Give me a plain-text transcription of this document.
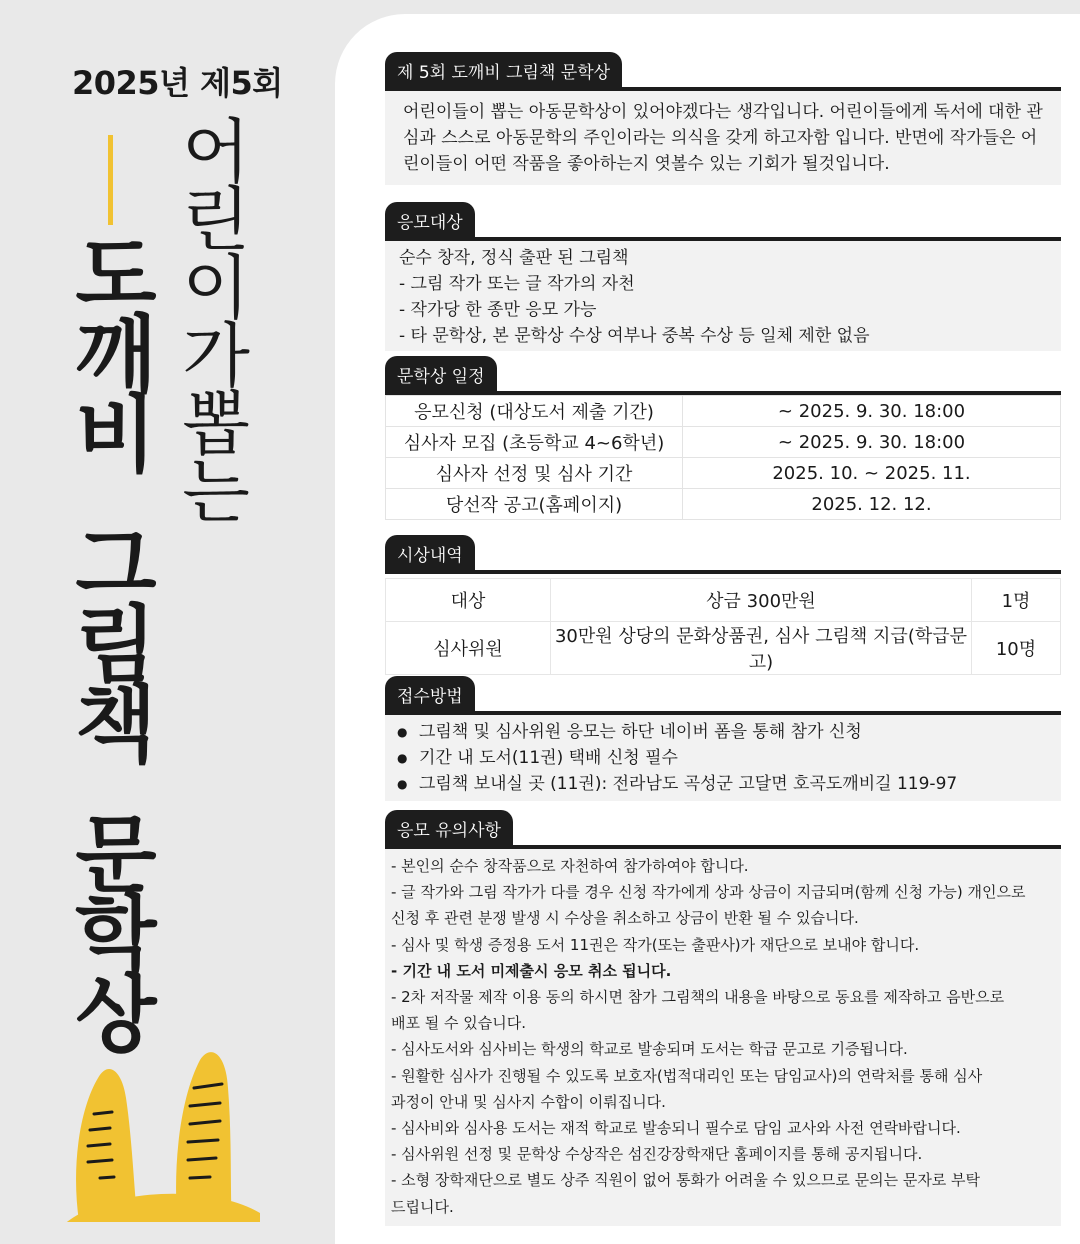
2025년 제5회
어
린
이
가
뽑
는
도
깨
비
그
림
책
문
학
상
제 5회 도깨비 그림책 문학상
어린이들이 뽑는 아동문학상이 있어야겠다는 생각입니다. 어린이들에게 독서에 대한 관심과 스스로 아동문학의 주인이라는 의식을 갖게 하고자함 입니다. 반면에 작가들은 어린이들이 어떤 작품을 좋아하는지 엿볼수 있는 기회가 될것입니다.
응모대상
순수 창작, 정식 출판 된 그림책
- 그림 작가 또는 글 작가의 자천
- 작가당 한 종만 응모 가능
- 타 문학상, 본 문학상 수상 여부나 중복 수상 등 일체 제한 없음
문학상 일정
응모신청 (대상도서 제출 기간)	~ 2025. 9. 30. 18:00
심사자 모집 (초등학교 4~6학년)	~ 2025. 9. 30. 18:00
심사자 선정 및 심사 기간	2025. 10. ~ 2025. 11.
당선작 공고(홈페이지)	2025. 12. 12.
시상내역
대상	상금 300만원	1명
심사위원	30만원 상당의 문화상품권, 심사 그림책 지급(학급문고)	10명
접수방법
● 그림책 및 심사위원 응모는 하단 네이버 폼을 통해 참가 신청
● 기간 내 도서(11권) 택배 신청 필수
● 그림책 보내실 곳 (11권): 전라남도 곡성군 고달면 호곡도깨비길 119-97
응모 유의사항
- 본인의 순수 창작품으로 자천하여 참가하여야 합니다.
- 글 작가와 그림 작가가 다를 경우 신청 작가에게 상과 상금이 지급되며(함께 신청 가능) 개인으로
신청 후 관련 분쟁 발생 시 수상을 취소하고 상금이 반환 될 수 있습니다.
- 심사 및 학생 증정용 도서 11권은 작가(또는 출판사)가 재단으로 보내야 합니다.
- 기간 내 도서 미제출시 응모 취소 됩니다.
- 2차 저작물 제작 이용 동의 하시면 참가 그림책의 내용을 바탕으로 동요를 제작하고 음반으로
배포 될 수 있습니다.
- 심사도서와 심사비는 학생의 학교로 발송되며 도서는 학급 문고로 기증됩니다.
- 원활한 심사가 진행될 수 있도록 보호자(법적대리인 또는 담임교사)의 연락처를 통해 심사
과정이 안내 및 심사지 수합이 이뤄집니다.
- 심사비와 심사용 도서는 재적 학교로 발송되니 필수로 담임 교사와 사전 연락바랍니다.
- 심사위원 선정 및 문학상 수상작은 섬진강장학재단 홈페이지를 통해 공지됩니다.
- 소형 장학재단으로 별도 상주 직원이 없어 통화가 어려울 수 있으므로 문의는 문자로 부탁
드립니다.
